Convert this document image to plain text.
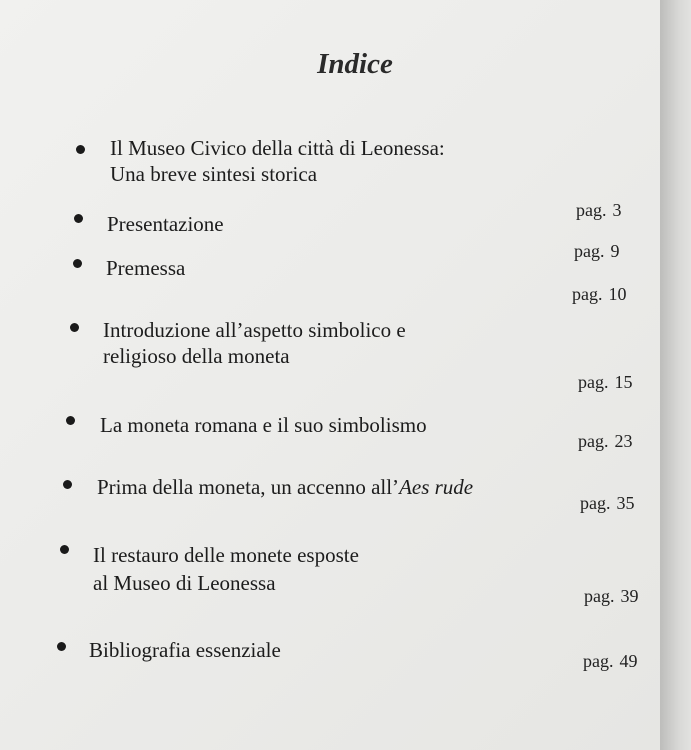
Indice
Il Museo Civico della città di Leonessa:
Una breve sintesi storica
pag. 3
Presentazione
pag. 9
Premessa
pag. 10
Introduzione all’aspetto simbolico e
religioso della moneta
pag. 15
La moneta romana e il suo simbolismo
pag. 23
Prima della moneta, un accenno all’Aes rude
pag. 35
Il restauro delle monete esposte
al Museo di Leonessa
pag. 39
Bibliografia essenziale	pag. 49
